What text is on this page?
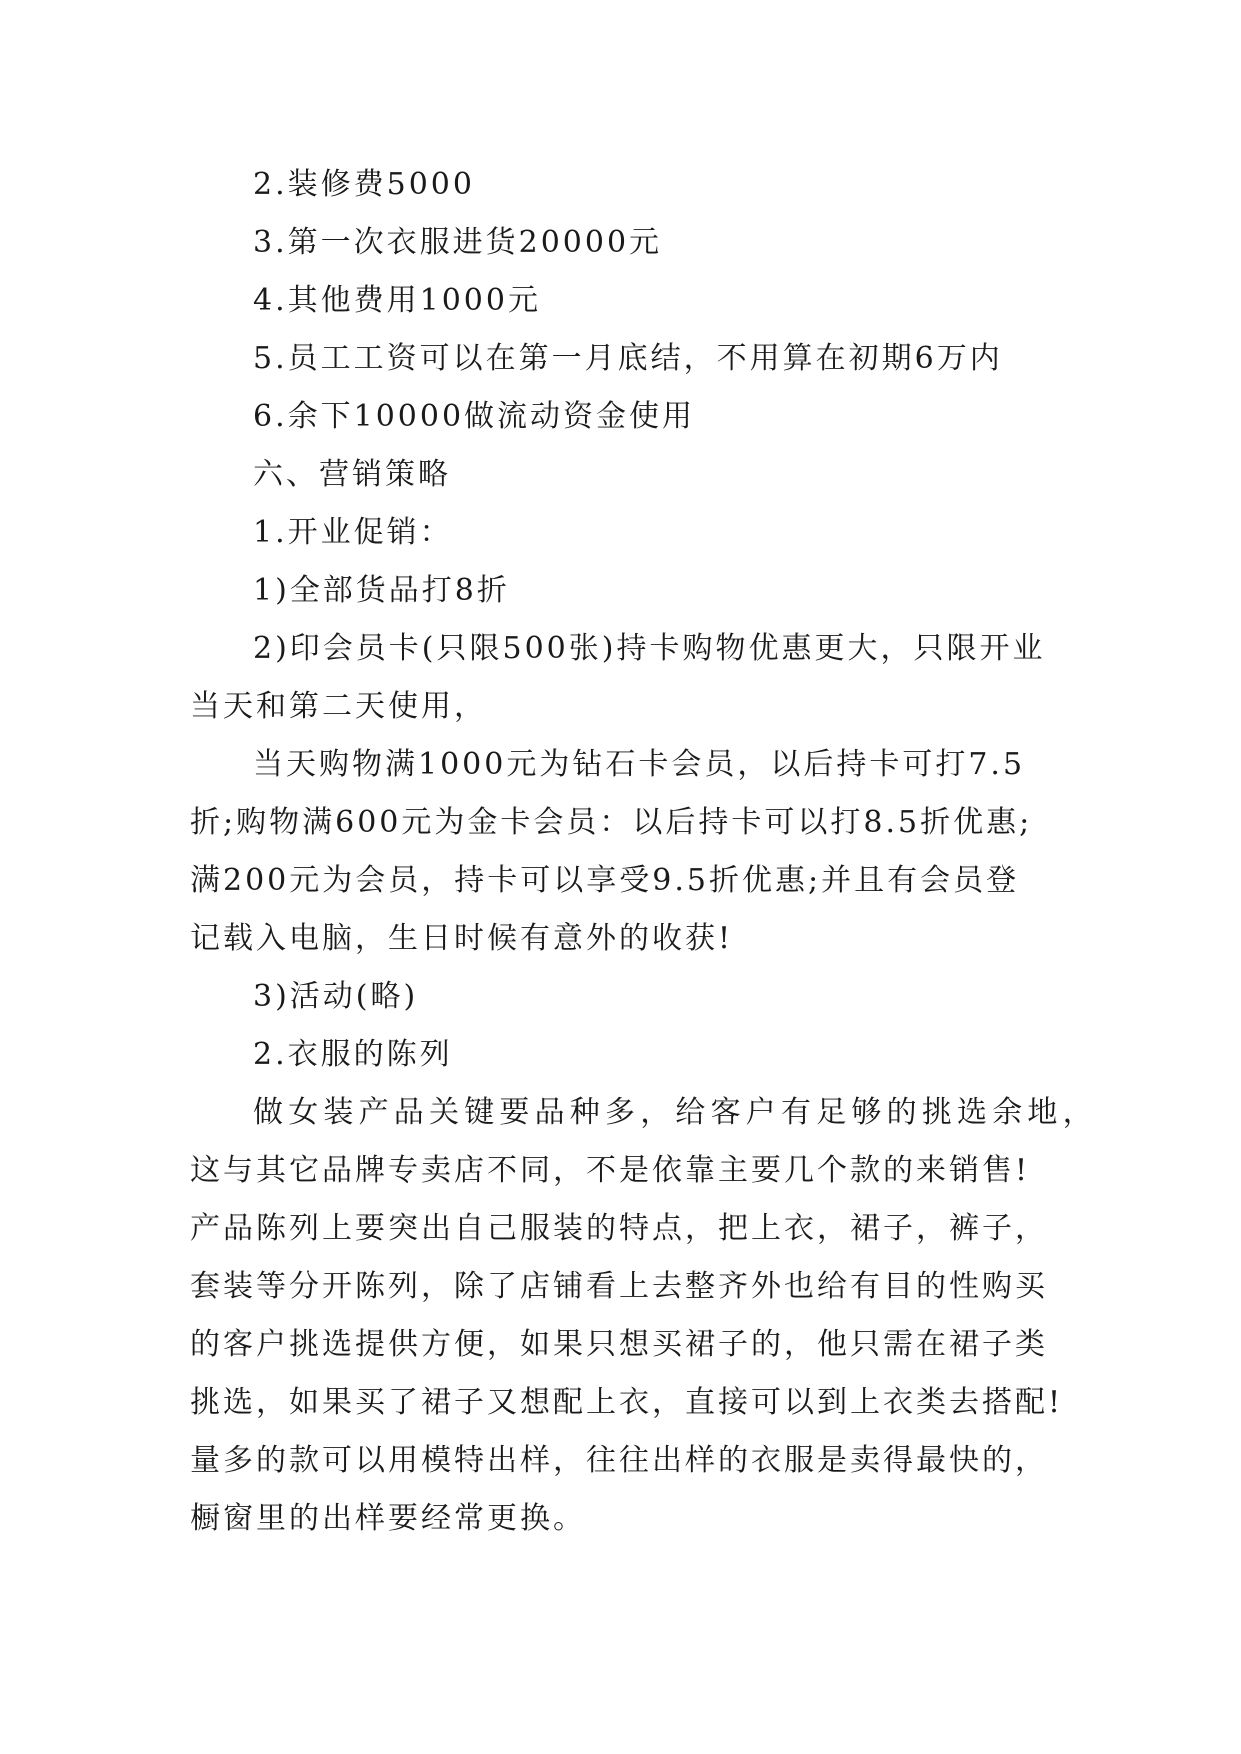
2.装修费5000
3.第一次衣服进货20000元
4.其他费用1000元
5.员工工资可以在第一月底结，不用算在初期6万内
6.余下10000做流动资金使用
六、营销策略
1.开业促销：
1)全部货品打8折
2)印会员卡(只限500张)持卡购物优惠更大，只限开业
当天和第二天使用，
当天购物满1000元为钻石卡会员，以后持卡可打7.5
折;购物满600元为金卡会员：以后持卡可以打8.5折优惠;
满200元为会员，持卡可以享受9.5折优惠;并且有会员登
记载入电脑，生日时候有意外的收获!
3)活动(略)
2.衣服的陈列
做女装产品关键要品种多，给客户有足够的挑选余地，
这与其它品牌专卖店不同，不是依靠主要几个款的来销售!
产品陈列上要突出自己服装的特点，把上衣，裙子，裤子，
套装等分开陈列，除了店铺看上去整齐外也给有目的性购买
的客户挑选提供方便，如果只想买裙子的，他只需在裙子类
挑选，如果买了裙子又想配上衣，直接可以到上衣类去搭配!
量多的款可以用模特出样，往往出样的衣服是卖得最快的，
橱窗里的出样要经常更换。
